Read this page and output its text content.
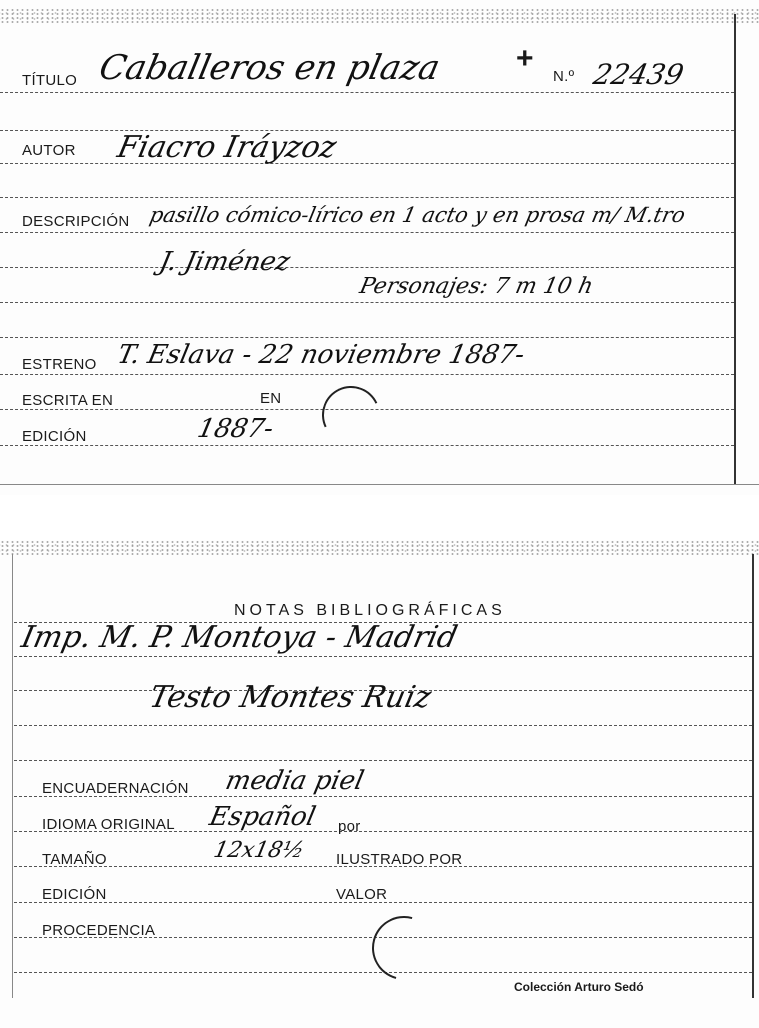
TÍTULO Caballeros en plaza +
N.º 22439
AUTOR Fiacro Iráyzoz
DESCRIPCIÓN pasillo cómico-lírico en 1 acto y en prosa m/ M.tro
J. Jiménez
Personajes: 7 m 10 h
ESTRENO T. Eslava - 22 noviembre 1887-
ESCRITA EN	EN
EDICIÓN	1887-
NOTAS BIBLIOGRÁFICAS
Imp. M. P. Montoya - Madrid
Testo Montes Ruiz
ENCUADERNACIÓN media piel
IDIOMA ORIGINAL Español por
TAMAÑO	12x18½ ILUSTRADO POR
EDICIÓN	VALOR
PROCEDENCIA
Colección Arturo Sedó
